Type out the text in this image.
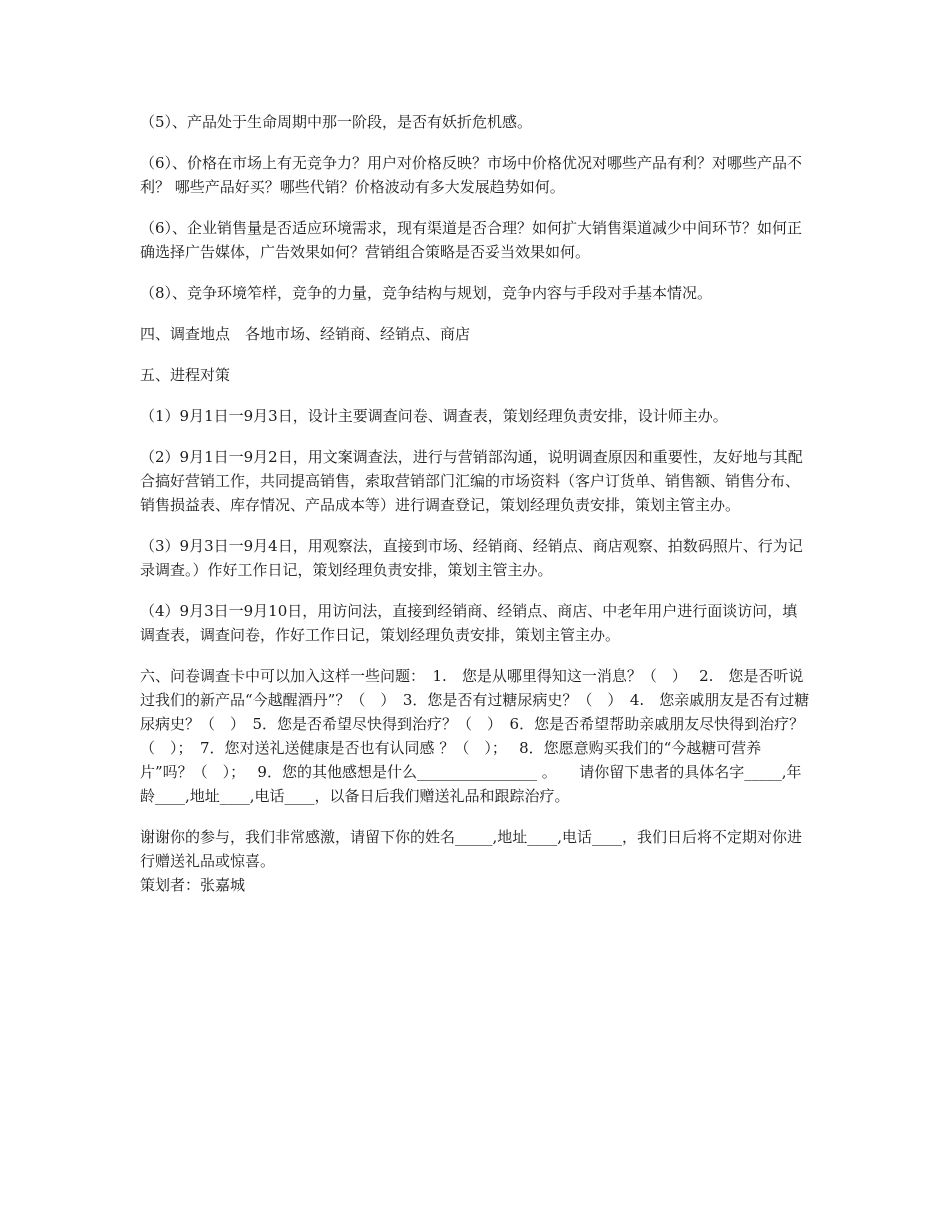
（5）、产品处于生命周期中那一阶段，是否有妖折危机感。

（6）、价格在市场上有无竞争力？用户对价格反映？市场中价格优况对哪些产品有利？对哪些产品不利？ 哪些产品好买？哪些代销？价格波动有多大发展趋势如何。

（6）、企业销售量是否适应环境需求，现有渠道是否合理？如何扩大销售渠道减少中间环节？如何正确选择广告媒体，广告效果如何？营销组合策略是否妥当效果如何。

（8）、竞争环境笮样，竞争的力量，竞争结构与规划，竞争内容与手段对手基本情况。

四、调查地点　各地市场、经销商、经销点、商店

五、进程对策

（1）9月1日一9月3日，设计主要调查问卷、调查表，策划经理负责安排，设计师主办。

（2）9月1日一9月2日，用文案调查法，进行与营销部沟通，说明调查原因和重要性，友好地与其配合搞好营销工作，共同提高销售，索取营销部门汇编的市场资料（客户订货单、销售额、销售分布、销售损益表、库存情况、产品成本等）进行调查登记，策划经理负责安排，策划主管主办。

（3）9月3日一9月4日，用观察法，直接到市场、经销商、经销点、商店观察、拍数码照片、行为记录调查。）作好工作日记，策划经理负责安排，策划主管主办。

（4）9月3日一9月10日，用访问法，直接到经销商、经销点、商店、中老年用户进行面谈访问，填调查表，调查问卷，作好工作日记，策划经理负责安排，策划主管主办。

六、问卷调查卡中可以加入这样一些问题：　1.　您是从哪里得知这一消息？（　）　 2.　您是否听说过我们的新产品“今越醒酒丹”？（　）　3．您是否有过糖尿病史？（　）　4.　您亲戚朋友是否有过糖尿病史？（　）　5．您是否希望尽快得到治疗？（　）　6．您是否希望帮助亲戚朋友尽快得到治疗？（　）；　7．您对送礼送健康是否也有认同感 ？（　）；　 8．您愿意购买我们的“今越糖可营养片”吗？（　）；　 9．您的其他感想是什么________________ 。　　请你留下患者的具体名字_____,年龄____,地址____,电话____，以备日后我们赠送礼品和跟踪治疗。

谢谢你的参与，我们非常感激，请留下你的姓名_____,地址____,电话____，我们日后将不定期对你进行赠送礼品或惊喜。

策划者：张嘉城
